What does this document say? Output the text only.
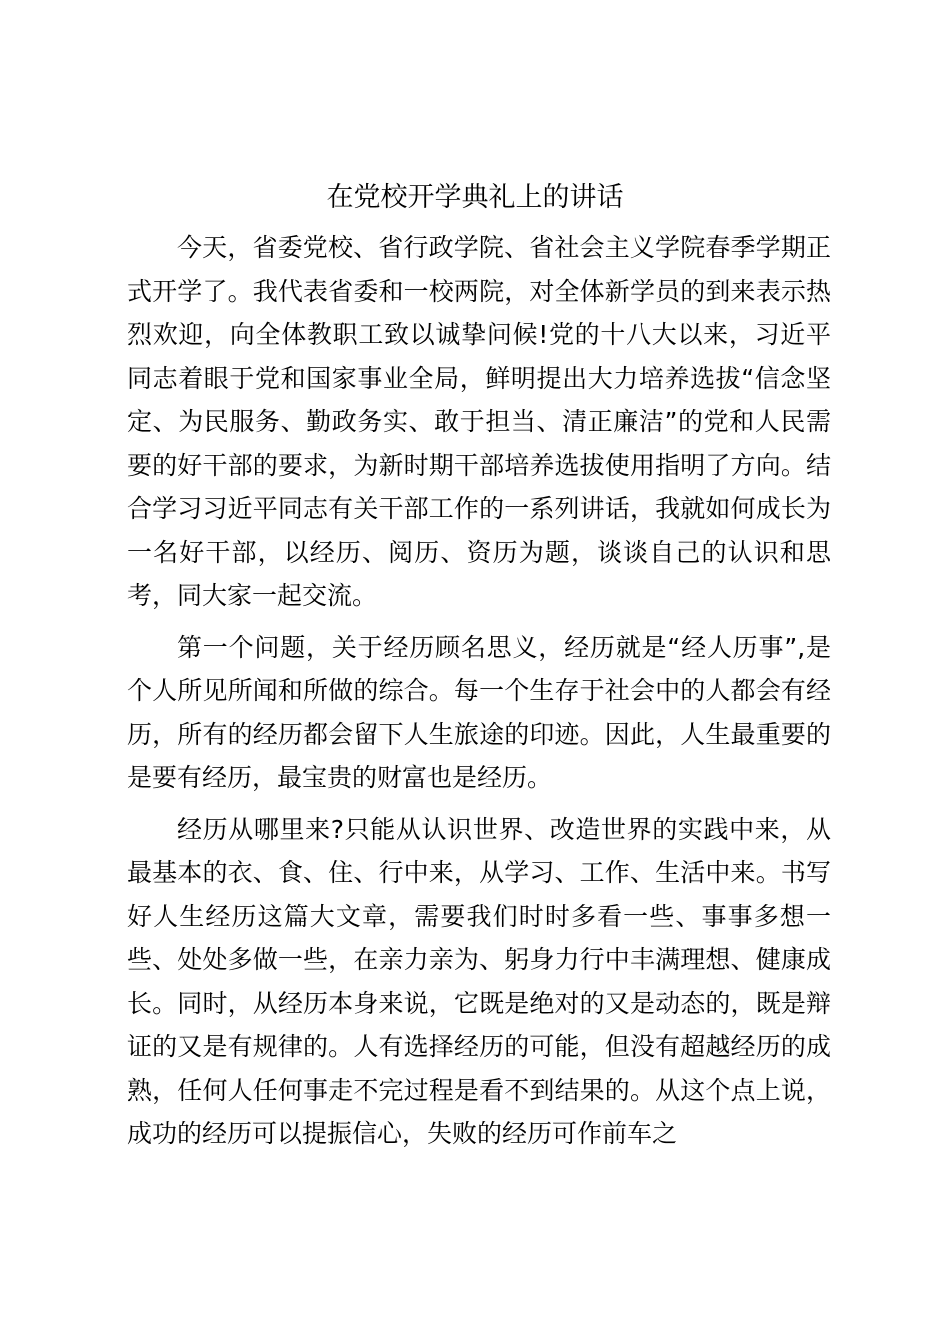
在党校开学典礼上的讲话

今天，省委党校、省行政学院、省社会主义学院春季学期正式开学了。我代表省委和一校两院，对全体新学员的到来表示热烈欢迎，向全体教职工致以诚挚问候!党的十八大以来，习近平同志着眼于党和国家事业全局，鲜明提出大力培养选拔“信念坚定、为民服务、勤政务实、敢于担当、清正廉洁”的党和人民需要的好干部的要求，为新时期干部培养选拔使用指明了方向。结合学习习近平同志有关干部工作的一系列讲话，我就如何成长为一名好干部，以经历、阅历、资历为题，谈谈自己的认识和思考，同大家一起交流。

第一个问题，关于经历顾名思义，经历就是“经人历事”,是个人所见所闻和所做的综合。每一个生存于社会中的人都会有经历，所有的经历都会留下人生旅途的印迹。因此，人生最重要的是要有经历，最宝贵的财富也是经历。

经历从哪里来?只能从认识世界、改造世界的实践中来，从最基本的衣、食、住、行中来，从学习、工作、生活中来。书写好人生经历这篇大文章，需要我们时时多看一些、事事多想一些、处处多做一些，在亲力亲为、躬身力行中丰满理想、健康成长。同时，从经历本身来说，它既是绝对的又是动态的，既是辩证的又是有规律的。人有选择经历的可能，但没有超越经历的成熟，任何人任何事走不完过程是看不到结果的。从这个点上说，成功的经历可以提振信心，失败的经历可作前车之
